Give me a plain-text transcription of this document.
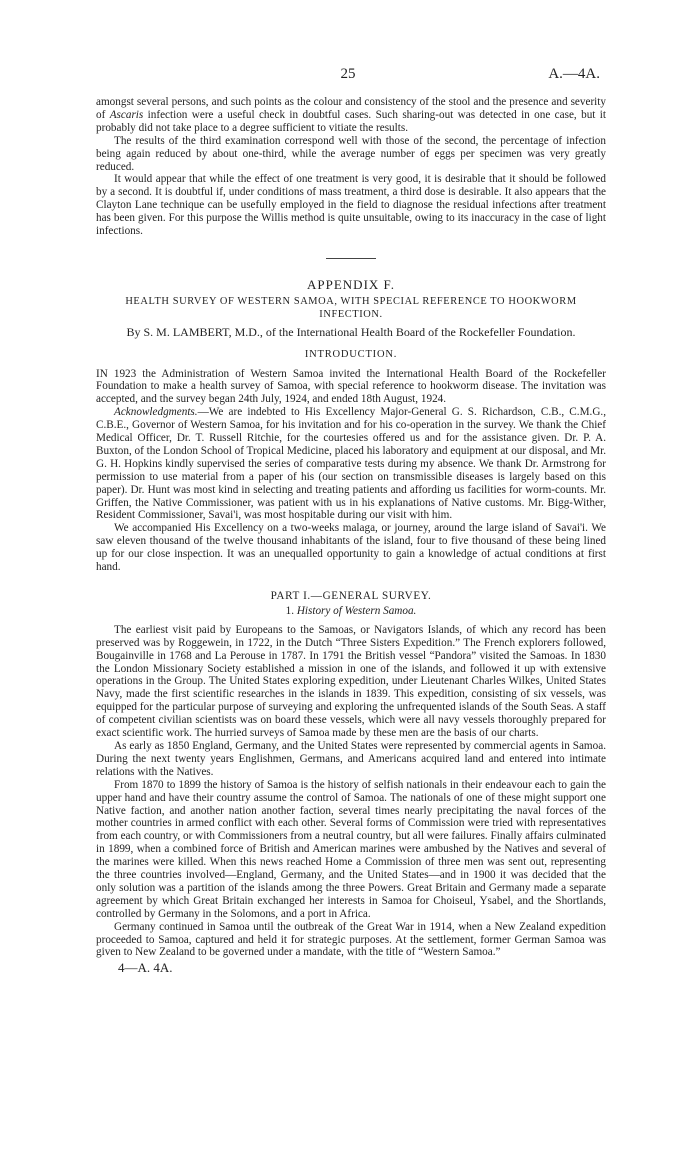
25	A.—4A.

amongst several persons, and such points as the colour and consistency of the stool and the presence and severity of Ascaris infection were a useful check in doubtful cases. Such sharing-out was detected in one case, but it probably did not take place to a degree sufficient to vitiate the results.

The results of the third examination correspond well with those of the second, the percentage of infection being again reduced by about one-third, while the average number of eggs per specimen was very greatly reduced.

It would appear that while the effect of one treatment is very good, it is desirable that it should be followed by a second. It is doubtful if, under conditions of mass treatment, a third dose is desirable. It also appears that the Clayton Lane technique can be usefully employed in the field to diagnose the residual infections after treatment has been given. For this purpose the Willis method is quite unsuitable, owing to its inaccuracy in the case of light infections.

APPENDIX F.
HEALTH SURVEY OF WESTERN SAMOA, WITH SPECIAL REFERENCE TO HOOKWORM INFECTION.
By S. M. LAMBERT, M.D., of the International Health Board of the Rockefeller Foundation.
INTRODUCTION.

IN 1923 the Administration of Western Samoa invited the International Health Board of the Rockefeller Foundation to make a health survey of Samoa, with special reference to hookworm disease. The invitation was accepted, and the survey began 24th July, 1924, and ended 18th August, 1924.

Acknowledgments.—We are indebted to His Excellency Major-General G. S. Richardson, C.B., C.M.G., C.B.E., Governor of Western Samoa, for his invitation and for his co-operation in the survey. We thank the Chief Medical Officer, Dr. T. Russell Ritchie, for the courtesies offered us and for the assistance given. Dr. P. A. Buxton, of the London School of Tropical Medicine, placed his laboratory and equipment at our disposal, and Mr. G. H. Hopkins kindly supervised the series of comparative tests during my absence. We thank Dr. Armstrong for permission to use material from a paper of his (our section on transmissible diseases is largely based on this paper). Dr. Hunt was most kind in selecting and treating patients and affording us facilities for worm-counts. Mr. Griffen, the Native Commissioner, was patient with us in his explanations of Native customs. Mr. Bigg-Wither, Resident Commissioner, Savai'i, was most hospitable during our visit with him.

We accompanied His Excellency on a two-weeks malaga, or journey, around the large island of Savai'i. We saw eleven thousand of the twelve thousand inhabitants of the island, four to five thousand of these being lined up for our close inspection. It was an unequalled opportunity to gain a knowledge of actual conditions at first hand.

PART I.—GENERAL SURVEY.
1. History of Western Samoa.

The earliest visit paid by Europeans to the Samoas, or Navigators Islands, of which any record has been preserved was by Roggewein, in 1722, in the Dutch “Three Sisters Expedition.” The French explorers followed, Bougainville in 1768 and La Perouse in 1787. In 1791 the British vessel “Pandora” visited the Samoas. In 1830 the London Missionary Society established a mission in one of the islands, and followed it up with extensive operations in the Group. The United States exploring expedition, under Lieutenant Charles Wilkes, United States Navy, made the first scientific researches in the islands in 1839. This expedition, consisting of six vessels, was equipped for the particular purpose of surveying and exploring the unfrequented islands of the South Seas. A staff of competent civilian scientists was on board these vessels, which were all navy vessels thoroughly prepared for exact scientific work. The hurried surveys of Samoa made by these men are the basis of our charts.

As early as 1850 England, Germany, and the United States were represented by commercial agents in Samoa. During the next twenty years Englishmen, Germans, and Americans acquired land and entered into intimate relations with the Natives.

From 1870 to 1899 the history of Samoa is the history of selfish nationals in their endeavour each to gain the upper hand and have their country assume the control of Samoa. The nationals of one of these might support one Native faction, and another nation another faction, several times nearly precipitating the naval forces of the mother countries in armed conflict with each other. Several forms of Commission were tried with representatives from each country, or with Commissioners from a neutral country, but all were failures. Finally affairs culminated in 1899, when a combined force of British and American marines were ambushed by the Natives and several of the marines were killed. When this news reached Home a Commission of three men was sent out, representing the three countries involved—England, Germany, and the United States—and in 1900 it was decided that the only solution was a partition of the islands among the three Powers. Great Britain and Germany made a separate agreement by which Great Britain exchanged her interests in Samoa for Choiseul, Ysabel, and the Shortlands, controlled by Germany in the Solomons, and a port in Africa.

Germany continued in Samoa until the outbreak of the Great War in 1914, when a New Zealand expedition proceeded to Samoa, captured and held it for strategic purposes. At the settlement, former German Samoa was given to New Zealand to be governed under a mandate, with the title of “Western Samoa.”

4—A. 4A.
